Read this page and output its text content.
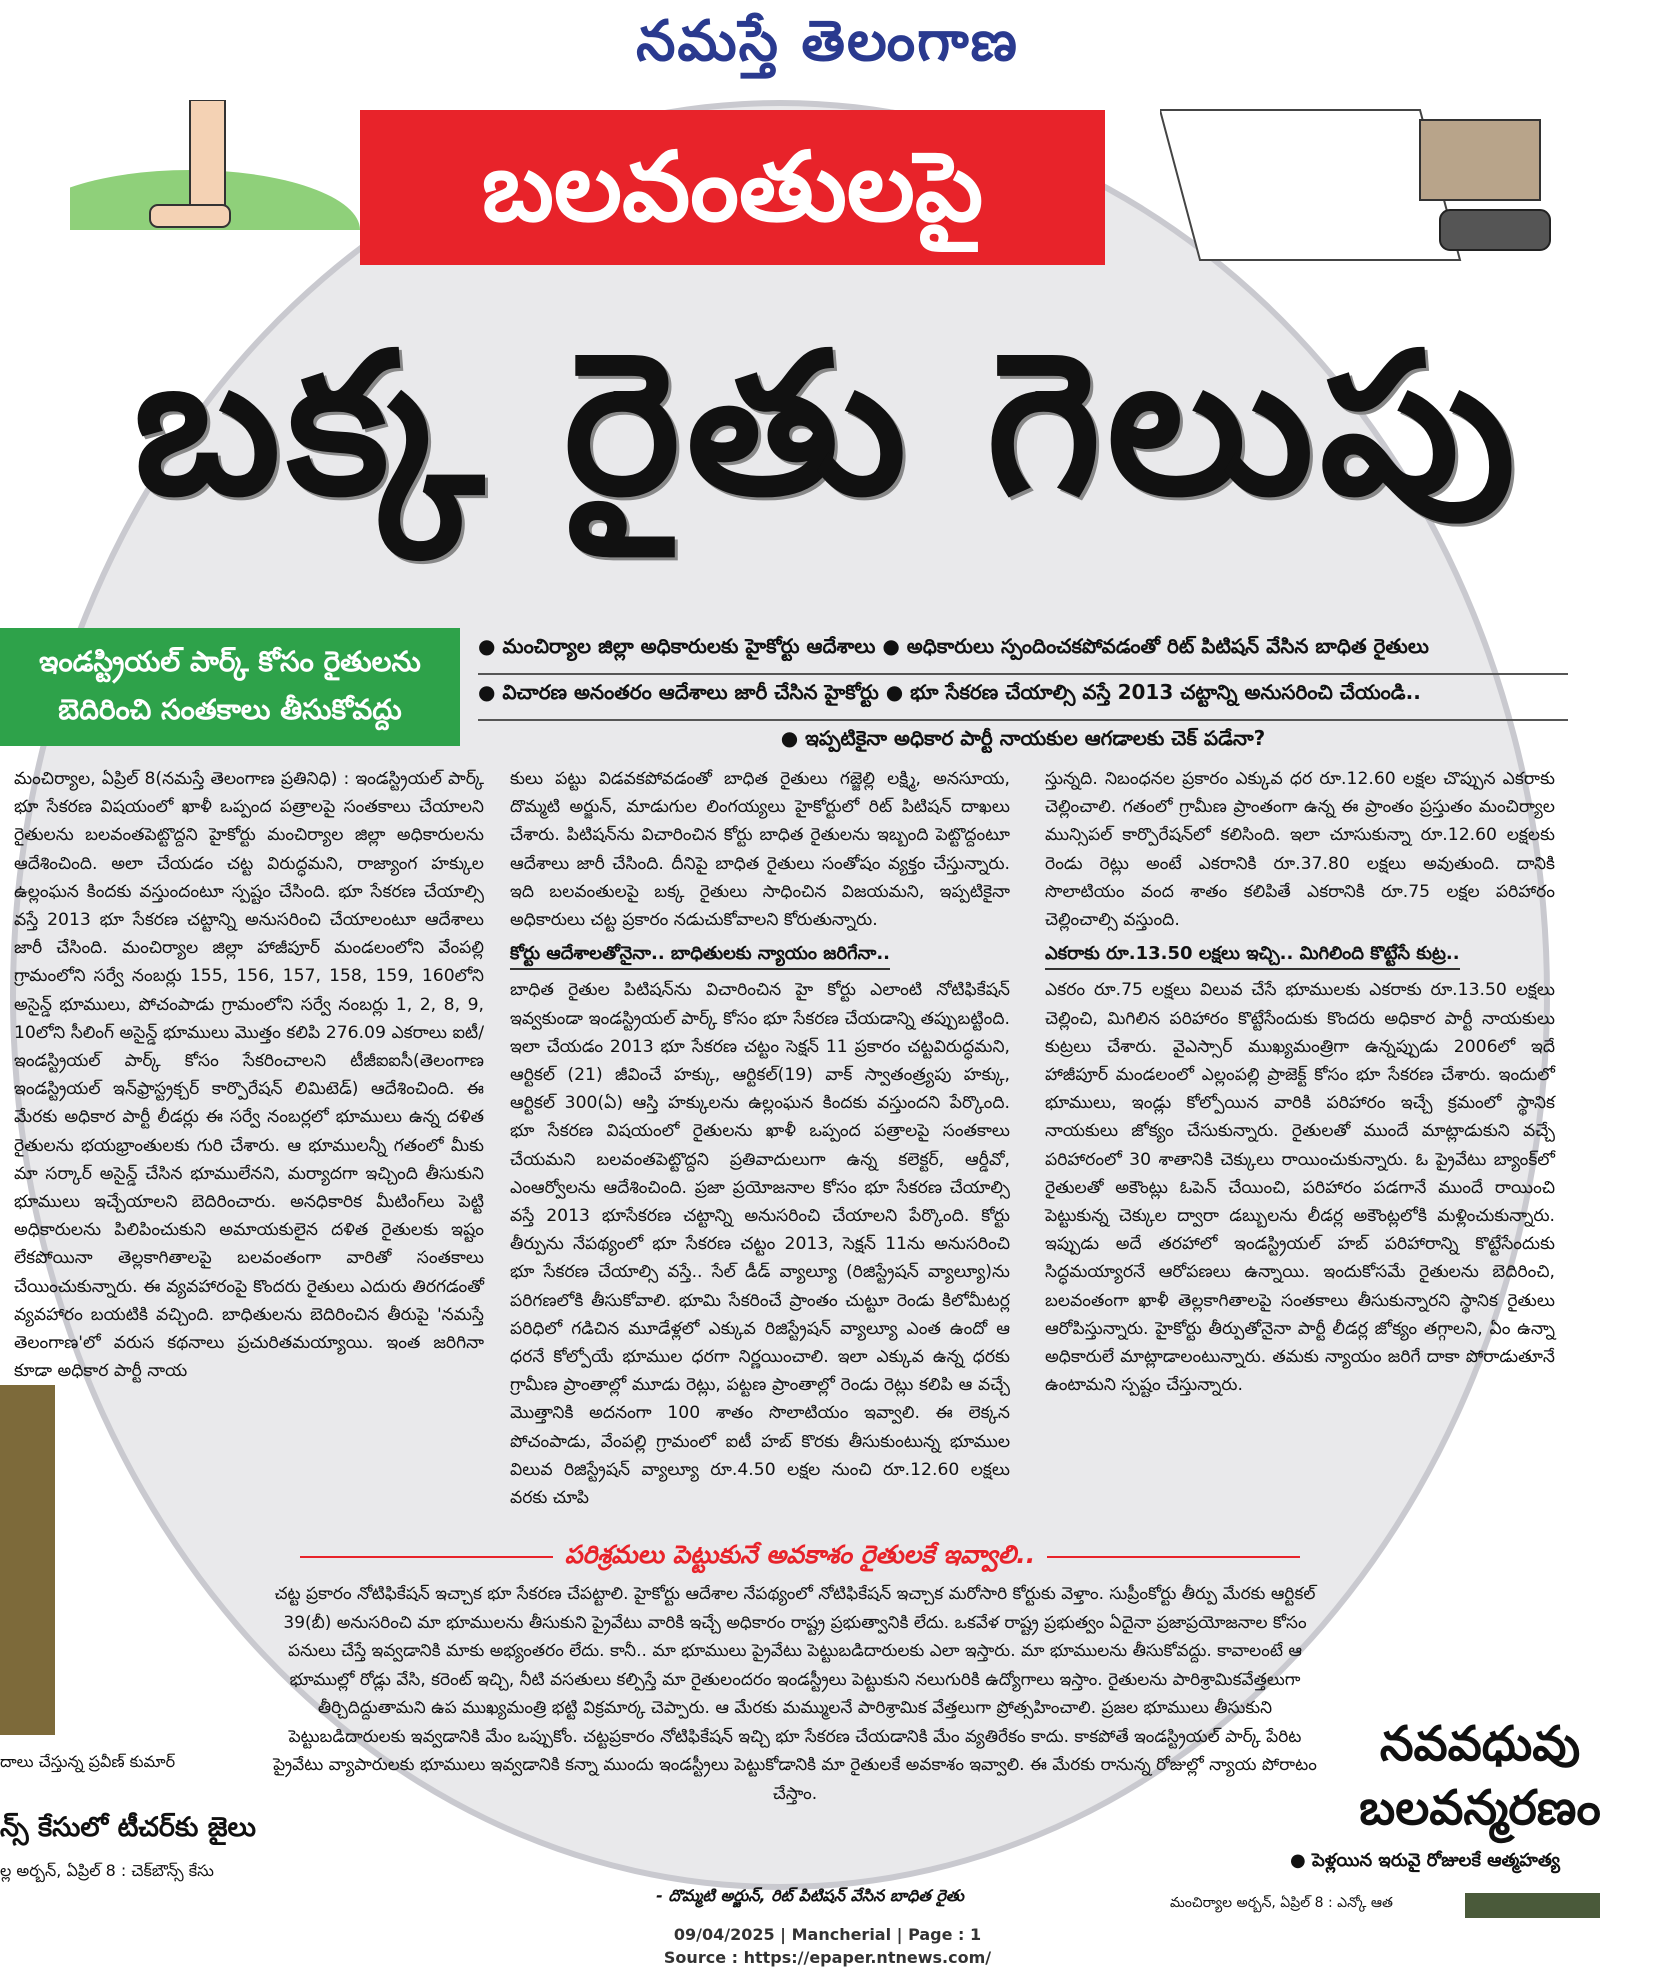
నమస్తే తెలంగాణ
బలవంతులపై
బక్క రైతు గెలుపు
ఇండస్ట్రియల్ పార్క్ కోసం రైతులను
బెదిరించి సంతకాలు తీసుకోవద్దు
● మంచిర్యాల జిల్లా అధికారులకు హైకోర్టు ఆదేశాలు ● అధికారులు స్పందించకపోవడంతో రిట్ పిటిషన్ వేసిన బాధిత రైతులు
● విచారణ అనంతరం ఆదేశాలు జారీ చేసిన హైకోర్టు ● భూ సేకరణ చేయాల్సి వస్తే 2013 చట్టాన్ని అనుసరించి చేయండి..
● ఇప్పటికైనా అధికార పార్టీ నాయకుల ఆగడాలకు చెక్ పడేనా?
మంచిర్యాల, ఏప్రిల్ 8(నమస్తే తెలంగాణ ప్రతినిధి) : ఇండస్ట్రియల్ పార్క్ భూ సేకరణ విషయంలో ఖాళీ ఒప్పంద పత్రాలపై సంతకాలు చేయాలని రైతులను బలవంతపెట్టొద్దని హైకోర్టు మంచిర్యాల జిల్లా అధికారులను ఆదేశించింది. అలా చేయడం చట్ట విరుద్ధమని, రాజ్యాంగ హక్కుల ఉల్లంఘన కిందకు వస్తుందంటూ స్పష్టం చేసింది. భూ సేకరణ చేయాల్సి వస్తే 2013 భూ సేకరణ చట్టాన్ని అనుసరించి చేయాలంటూ ఆదేశాలు జారీ చేసింది. మంచిర్యాల జిల్లా హాజీపూర్ మండలంలోని వేంపల్లి గ్రామంలోని సర్వే నంబర్లు 155, 156, 157, 158, 159, 160లోని అసైన్డ్ భూములు, పోచంపాడు గ్రామంలోని సర్వే నంబర్లు 1, 2, 8, 9, 10లోని సీలింగ్ అసైన్డ్ భూములు మొత్తం కలిపి 276.09 ఎకరాలు ఐటీ/ఇండస్ట్రియల్ పార్క్ కోసం సేకరించాలని టీజీఐఐసీ(తెలంగాణ ఇండస్ట్రియల్ ఇన్‌ఫ్రాస్ట్రక్చర్ కార్పొరేషన్ లిమిటెడ్) ఆదేశించింది. ఈ మేరకు అధికార పార్టీ లీడర్లు ఈ సర్వే నంబర్లలో భూములు ఉన్న దళిత రైతులను భయభ్రాంతులకు గురి చేశారు. ఆ భూములన్నీ గతంలో మీకు మా సర్కార్ అసైన్డ్ చేసిన భూములేనని, మర్యాదగా ఇచ్చింది తీసుకుని భూములు ఇచ్చేయాలని బెదిరించారు. అనధికారిక మీటింగ్‌లు పెట్టి అధికారులను పిలిపించుకుని అమాయకులైన దళిత రైతులకు ఇష్టం లేకపోయినా తెల్లకాగితాలపై బలవంతంగా వారితో సంతకాలు చేయించుకున్నారు. ఈ వ్యవహారంపై కొందరు రైతులు ఎదురు తిరగడంతో వ్యవహారం బయటికి వచ్చింది. బాధితులను బెదిరించిన తీరుపై 'నమస్తే తెలంగాణ'లో వరుస కథనాలు ప్రచురితమయ్యాయి. ఇంత జరిగినా కూడా అధికార పార్టీ నాయ
కులు పట్టు విడవకపోవడంతో బాధిత రైతులు గజ్జెల్లి లక్ష్మి, అనసూయ, దొమ్మటి అర్జున్, మాడుగుల లింగయ్యలు హైకోర్టులో రిట్ పిటిషన్ దాఖలు చేశారు. పిటిషన్‌ను విచారించిన కోర్టు బాధిత రైతులను ఇబ్బంది పెట్టొద్దంటూ ఆదేశాలు జారీ చేసింది. దీనిపై బాధిత రైతులు సంతోషం వ్యక్తం చేస్తున్నారు. ఇది బలవంతులపై బక్క రైతులు సాధించిన విజయమని, ఇప్పటికైనా అధికారులు చట్ట ప్రకారం నడుచుకోవాలని కోరుతున్నారు.
కోర్టు ఆదేశాలతోనైనా.. బాధితులకు న్యాయం జరిగేనా..
బాధిత రైతుల పిటిషన్‌ను విచారించిన హై కోర్టు ఎలాంటి నోటిఫికేషన్ ఇవ్వకుండా ఇండస్ట్రియల్ పార్క్ కోసం భూ సేకరణ చేయడాన్ని తప్పుబట్టింది. ఇలా చేయడం 2013 భూ సేకరణ చట్టం సెక్షన్ 11 ప్రకారం చట్టవిరుద్ధమని, ఆర్టికల్ (21) జీవించే హక్కు, ఆర్టికల్(19) వాక్ స్వాతంత్ర్యపు హక్కు, ఆర్టికల్ 300(ఏ) ఆస్తి హక్కులను ఉల్లంఘన కిందకు వస్తుందని పేర్కొంది. భూ సేకరణ విషయంలో రైతులను ఖాళీ ఒప్పంద పత్రాలపై సంతకాలు చేయమని బలవంతపెట్టొద్దని ప్రతివాదులుగా ఉన్న కలెక్టర్, ఆర్డీవో, ఎంఆర్వోలను ఆదేశించింది. ప్రజా ప్రయోజనాల కోసం భూ సేకరణ చేయాల్సి వస్తే 2013 భూసేకరణ చట్టాన్ని అనుసరించి చేయాలని పేర్కొంది. కోర్టు తీర్పును నేపథ్యంలో భూ సేకరణ చట్టం 2013, సెక్షన్ 11ను అనుసరించి భూ సేకరణ చేయాల్సి వస్తే.. సేల్ డీడ్ వ్యాల్యూ (రిజిస్ట్రేషన్ వ్యాల్యూ)ను పరిగణలోకి తీసుకోవాలి. భూమి సేకరించే ప్రాంతం చుట్టూ రెండు కిలోమీటర్ల పరిధిలో గడిచిన మూడేళ్లలో ఎక్కువ రిజిస్ట్రేషన్ వ్యాల్యూ ఎంత ఉందో ఆ ధరనే కోల్పోయే భూముల ధరగా నిర్ణయించాలి. ఇలా ఎక్కువ ఉన్న ధరకు గ్రామీణ ప్రాంతాల్లో మూడు రెట్లు, పట్టణ ప్రాంతాల్లో రెండు రెట్లు కలిపి ఆ వచ్చే మొత్తానికి అదనంగా 100 శాతం సొలాటియం ఇవ్వాలి. ఈ లెక్కన పోచంపాడు, వేంపల్లి గ్రామంలో ఐటీ హబ్ కొరకు తీసుకుంటున్న భూముల విలువ రిజిస్ట్రేషన్ వ్యాల్యూ రూ.4.50 లక్షల నుంచి రూ.12.60 లక్షలు వరకు చూపి
స్తున్నది. నిబంధనల ప్రకారం ఎక్కువ ధర రూ.12.60 లక్షల చొప్పున ఎకరాకు చెల్లించాలి. గతంలో గ్రామీణ ప్రాంతంగా ఉన్న ఈ ప్రాంతం ప్రస్తుతం మంచిర్యాల మున్సిపల్ కార్పొరేషన్‌లో కలిసింది. ఇలా చూసుకున్నా రూ.12.60 లక్షలకు రెండు రెట్లు అంటే ఎకరానికి రూ.37.80 లక్షలు అవుతుంది. దానికి సొలాటియం వంద శాతం కలిపితే ఎకరానికి రూ.75 లక్షల పరిహారం చెల్లించాల్సి వస్తుంది.
ఎకరాకు రూ.13.50 లక్షలు ఇచ్చి.. మిగిలింది కొట్టేసే కుట్ర..
ఎకరం రూ.75 లక్షలు విలువ చేసే భూములకు ఎకరాకు రూ.13.50 లక్షలు చెల్లించి, మిగిలిన పరిహారం కొట్టేసేందుకు కొందరు అధికార పార్టీ నాయకులు కుట్రలు చేశారు. వైఎస్సార్ ముఖ్యమంత్రిగా ఉన్నప్పుడు 2006లో ఇదే హాజీపూర్ మండలంలో ఎల్లంపల్లి ప్రాజెక్ట్ కోసం భూ సేకరణ చేశారు. ఇందులో భూములు, ఇండ్లు కోల్పోయిన వారికి పరిహారం ఇచ్చే క్రమంలో స్థానిక నాయకులు జోక్యం చేసుకున్నారు. రైతులతో ముందే మాట్లాడుకుని వచ్చే పరిహారంలో 30 శాతానికి చెక్కులు రాయించుకున్నారు. ఓ ప్రైవేటు బ్యాంక్‌లో రైతులతో అకౌంట్లు ఓపెన్ చేయించి, పరిహారం పడగానే ముందే రాయించి పెట్టుకున్న చెక్కుల ద్వారా డబ్బులను లీడర్ల అకౌంట్లలోకి మళ్లించుకున్నారు. ఇప్పుడు అదే తరహాలో ఇండస్ట్రియల్ హబ్ పరిహారాన్ని కొట్టేసేందుకు సిద్ధమయ్యారనే ఆరోపణలు ఉన్నాయి. ఇందుకోసమే రైతులను బెదిరించి, బలవంతంగా ఖాళీ తెల్లకాగితాలపై సంతకాలు తీసుకున్నారని స్థానిక రైతులు ఆరోపిస్తున్నారు. హైకోర్టు తీర్పుతోనైనా పార్టీ లీడర్ల జోక్యం తగ్గాలని, ఏం ఉన్నా అధికారులే మాట్లాడాలంటున్నారు. తమకు న్యాయం జరిగే దాకా పోరాడుతూనే ఉంటామని స్పష్టం చేస్తున్నారు.
పరిశ్రమలు పెట్టుకునే అవకాశం రైతులకే ఇవ్వాలి..
చట్ట ప్రకారం నోటిఫికేషన్ ఇచ్చాక భూ సేకరణ చేపట్టాలి. హైకోర్టు ఆదేశాల నేపథ్యంలో నోటిఫికేషన్ ఇచ్చాక మరోసారి కోర్టుకు వెళ్తాం. సుప్రీంకోర్టు తీర్పు మేరకు ఆర్టికల్ 39(బీ) అనుసరించి మా భూములను తీసుకుని ప్రైవేటు వారికి ఇచ్చే అధికారం రాష్ట్ర ప్రభుత్వానికి లేదు. ఒకవేళ రాష్ట్ర ప్రభుత్వం ఏదైనా ప్రజాప్రయోజనాల కోసం పనులు చేస్తే ఇవ్వడానికి మాకు అభ్యంతరం లేదు. కానీ.. మా భూములు ప్రైవేటు పెట్టుబడిదారులకు ఎలా ఇస్తారు. మా భూములను తీసుకోవద్దు. కావాలంటే ఆ భూముల్లో రోడ్లు వేసి, కరెంట్ ఇచ్చి, నీటి వసతులు కల్పిస్తే మా రైతులందరం ఇండస్ట్రీలు పెట్టుకుని నలుగురికి ఉద్యోగాలు ఇస్తాం. రైతులను పారిశ్రామికవేత్తలుగా తీర్చిదిద్దుతామని ఉప ముఖ్యమంత్రి భట్టి విక్రమార్క చెప్పారు. ఆ మేరకు మమ్ములనే పారిశ్రామిక వేత్తలుగా ప్రోత్సహించాలి. ప్రజల భూములు తీసుకుని పెట్టుబడిదారులకు ఇవ్వడానికి మేం ఒప్పుకోం. చట్టప్రకారం నోటిఫికేషన్ ఇచ్చి భూ సేకరణ చేయడానికి మేం వ్యతిరేకం కాదు. కాకపోతే ఇండస్ట్రియల్ పార్క్ పేరిట ప్రైవేటు వ్యాపారులకు భూములు ఇవ్వడానికి కన్నా ముందు ఇండస్ట్రీలు పెట్టుకోడానికి మా రైతులకే అవకాశం ఇవ్వాలి. ఈ మేరకు రానున్న రోజుల్లో న్యాయ పోరాటం చేస్తాం.
- దొమ్మటి అర్జున్, రిట్ పిటిషన్ వేసిన బాధిత రైతు
దాలు చేస్తున్న ప్రవీణ్ కుమార్
న్స్ కేసులో టీచర్‌కు జైలు
ల్ల అర్బన్, ఏప్రిల్ 8 : చెక్‌బౌన్స్ కేసు
నవవధువు
బలవన్మరణం
● పెళ్లయిన ఇరువై రోజులకే ఆత్మహత్య
మంచిర్యాల అర్బన్, ఏప్రిల్ 8 : ఎన్కో ఆత
09/04/2025 | Mancherial | Page : 1
Source : https://epaper.ntnews.com/
